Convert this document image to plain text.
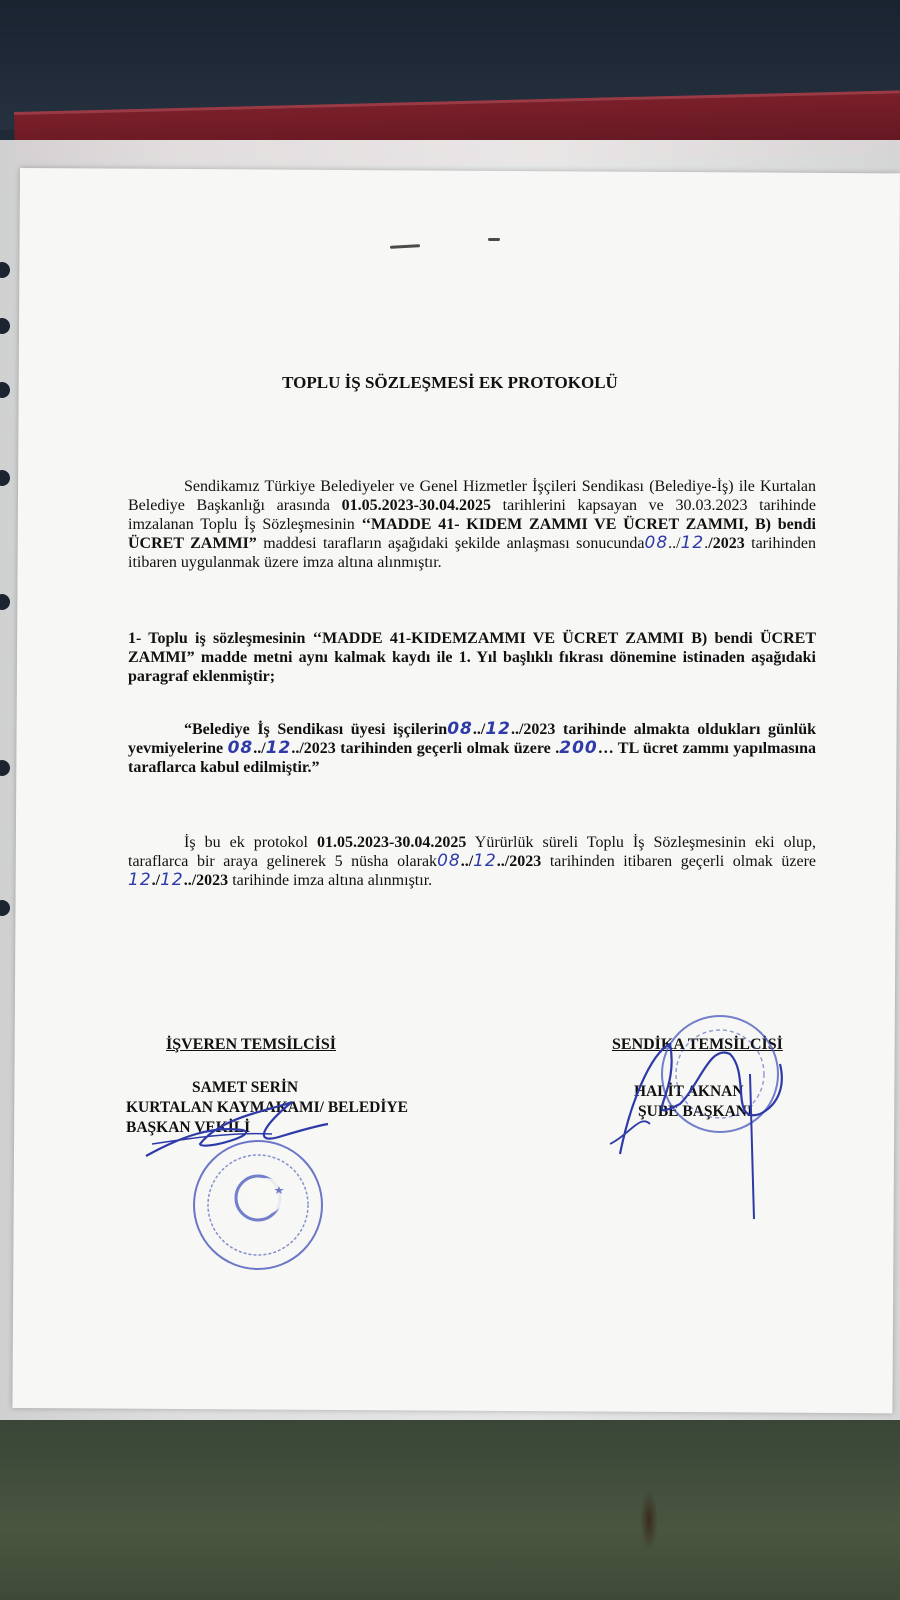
TOPLU İŞ SÖZLEŞMESİ EK PROTOKOLÜ
Sendikamız Türkiye Belediyeler ve Genel Hizmetler İşçileri Sendikası (Belediye-İş) ile Kurtalan Belediye Başkanlığı arasında 01.05.2023-30.04.2025 tarihlerini kapsayan ve 30.03.2023 tarihinde imzalanan Toplu İş Sözleşmesinin ‘‘MADDE 41- KIDEM ZAMMI VE ÜCRET ZAMMI, B) bendi ÜCRET ZAMMI” maddesi tarafların aşağıdaki şekilde anlaşması sonucunda08../12./2023 tarihinden itibaren uygulanmak üzere imza altına alınmıştır.
1- Toplu iş sözleşmesinin ‘‘MADDE 41-KIDEMZAMMI VE ÜCRET ZAMMI B) bendi ÜCRET ZAMMI” madde metni aynı kalmak kaydı ile 1. Yıl başlıklı fıkrası dönemine istinaden aşağıdaki paragraf eklenmiştir;
“Belediye İş Sendikası üyesi işçilerin08../12../2023 tarihinde almakta oldukları günlük yevmiyelerine 08../12../2023 tarihinden geçerli olmak üzere .200… TL ücret zammı yapılmasına taraflarca kabul edilmiştir.”
İş bu ek protokol 01.05.2023-30.04.2025 Yürürlük süreli Toplu İş Sözleşmesinin eki olup, taraflarca bir araya gelinerek 5 nüsha olarak08../12../2023 tarihinden itibaren geçerli olmak üzere 12./12../2023 tarihinde imza altına alınmıştır.
İŞVEREN TEMSİLCİSİ
SAMET SERİN
KURTALAN KAYMAKAMI/ BELEDİYE
BAŞKAN VEKİLİ
SENDİKA TEMSİLCİSİ
HALİT AKNAN
ŞUBE BAŞKANI
